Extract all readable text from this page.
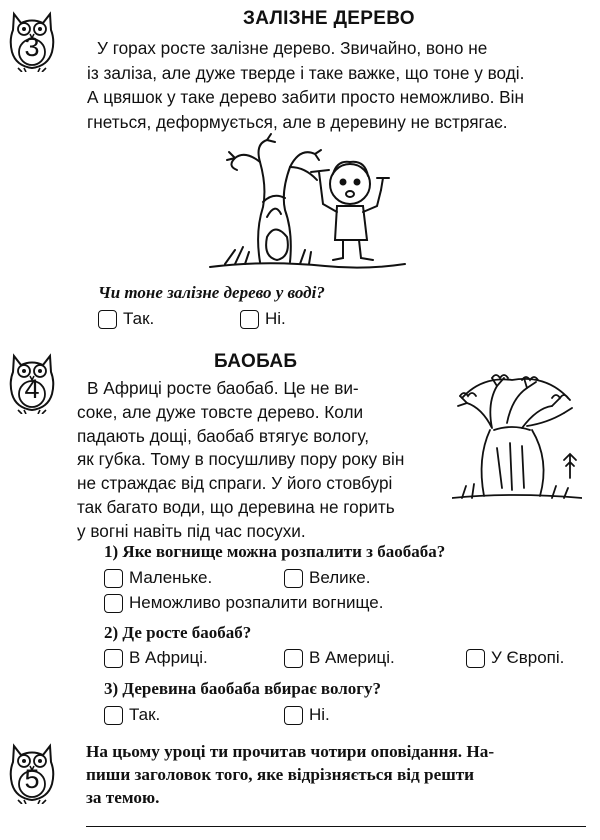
3
ЗАЛІЗНЕ ДЕРЕВО
У горах росте залізне дерево. Звичайно, воно не
із заліза, але дуже тверде і таке важке, що тоне у воді.
А цвяшок у таке дерево забити просто неможливо. Він
гнеться, деформується, але в деревину не встрягає.
Чи тоне залізне дерево у воді?
Так.	Ні.
4
БАОБАБ
В Африці росте баобаб. Це не ви-
соке, але дуже товсте дерево. Коли
падають дощі, баобаб втягує вологу,
як губка. Тому в посушливу пору року він
не страждає від спраги. У його стовбурі
так багато води, що деревина не горить
у вогні навіть під час посухи.
1) Яке вогнище можна розпалити з баобаба?
Маленьке.	Велике.
Неможливо розпалити вогнище.
2) Де росте баобаб?
В Африці.	В Америці.	У Європі.
3) Деревина баобаба вбирає вологу?
Так.	Ні.
5
На цьому уроці ти прочитав чотири оповідання. На-
пиши заголовок того, яке відрізняється від решти
за темою.
